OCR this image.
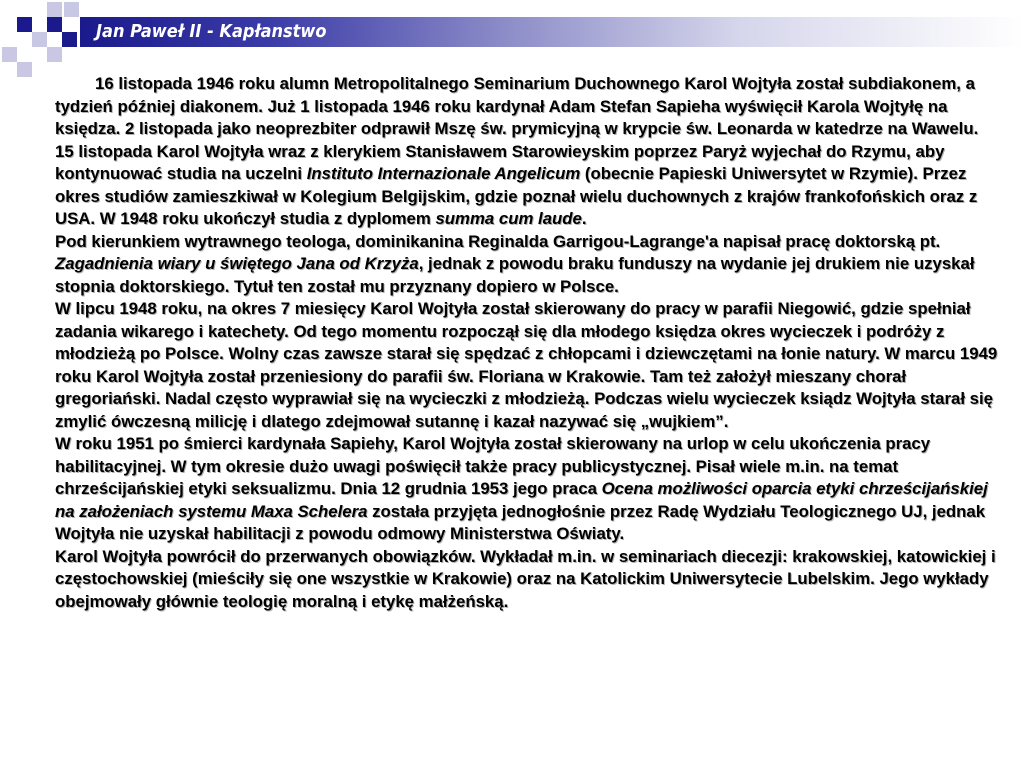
Jan Paweł II - Kapłanstwo

16 listopada 1946 roku alumn Metropolitalnego Seminarium Duchownego Karol Wojtyła został subdiakonem, a tydzień później diakonem. Już 1 listopada 1946 roku kardynał Adam Stefan Sapieha wyświęcił Karola Wojtyłę na księdza. 2 listopada jako neoprezbiter odprawił Mszę św. prymicyjną w krypcie św. Leonarda w katedrze na Wawelu. 15 listopada Karol Wojtyła wraz z klerykiem Stanisławem Starowieyskim poprzez Paryż wyjechał do Rzymu, aby kontynuować studia na uczelni Instituto Internazionale Angelicum (obecnie Papieski Uniwersytet w Rzymie). Przez okres studiów zamieszkiwał w Kolegium Belgijskim, gdzie poznał wielu duchownych z krajów frankofońskich oraz z USA. W 1948 roku ukończył studia z dyplomem summa cum laude.

Pod kierunkiem wytrawnego teologa, dominikanina Reginalda Garrigou-Lagrange'a napisał pracę doktorską pt. Zagadnienia wiary u świętego Jana od Krzyża, jednak z powodu braku funduszy na wydanie jej drukiem nie uzyskał stopnia doktorskiego. Tytuł ten został mu przyznany dopiero w Polsce.

W lipcu 1948 roku, na okres 7 miesięcy Karol Wojtyła został skierowany do pracy w parafii Niegowić, gdzie spełniał zadania wikarego i katechety. Od tego momentu rozpoczął się dla młodego księdza okres wycieczek i podróży z młodzieżą po Polsce. Wolny czas zawsze starał się spędzać z chłopcami i dziewczętami na łonie natury. W marcu 1949 roku Karol Wojtyła został przeniesiony do parafii św. Floriana w Krakowie. Tam też założył mieszany chorał gregoriański. Nadal często wyprawiał się na wycieczki z młodzieżą. Podczas wielu wycieczek ksiądz Wojtyła starał się zmylić ówczesną milicję i dlatego zdejmował sutannę i kazał nazywać się „wujkiem”.

W roku 1951 po śmierci kardynała Sapiehy, Karol Wojtyła został skierowany na urlop w celu ukończenia pracy habilitacyjnej. W tym okresie dużo uwagi poświęcił także pracy publicystycznej. Pisał wiele m.in. na temat chrześcijańskiej etyki seksualizmu. Dnia 12 grudnia 1953 jego praca Ocena możliwości oparcia etyki chrześcijańskiej na założeniach systemu Maxa Schelera została przyjęta jednogłośnie przez Radę Wydziału Teologicznego UJ, jednak Wojtyła nie uzyskał habilitacji z powodu odmowy Ministerstwa Oświaty.

Karol Wojtyła powrócił do przerwanych obowiązków. Wykładał m.in. w seminariach diecezji: krakowskiej, katowickiej i częstochowskiej (mieściły się one wszystkie w Krakowie) oraz na Katolickim Uniwersytecie Lubelskim. Jego wykłady obejmowały głównie teologię moralną i etykę małżeńską.
